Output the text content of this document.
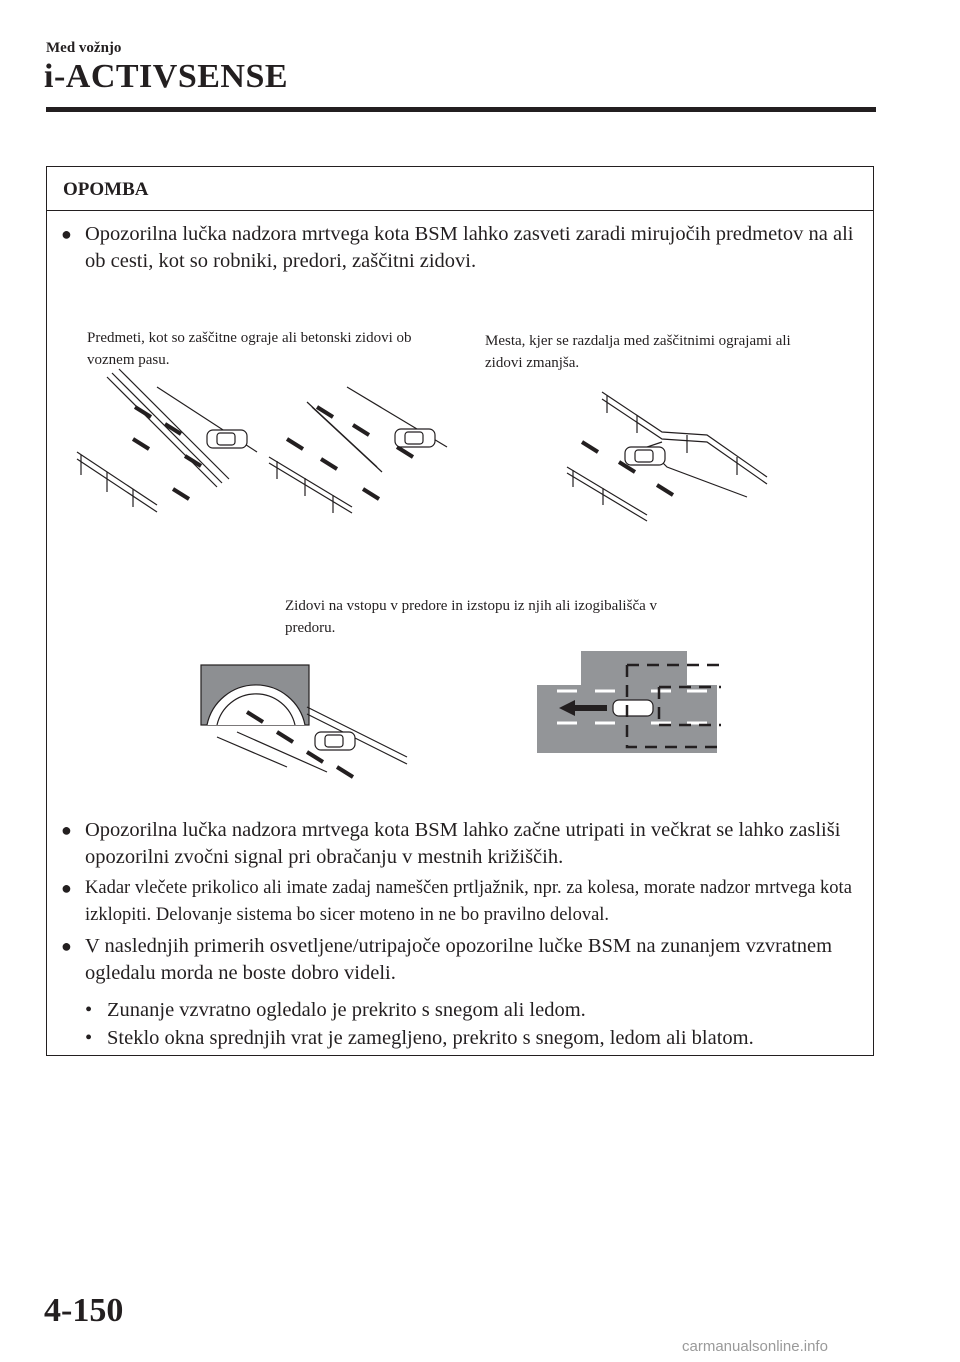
Med vožnjo
i-ACTIVSENSE
OPOMBA
● Opozorilna lučka nadzora mrtvega kota BSM lahko zasveti zaradi mirujočih predmetov na ali ob cesti, kot so robniki, predori, zaščitni zidovi.
Predmeti, kot so zaščitne ograje ali betonski zidovi ob voznem pasu.
Mesta, kjer se razdalja med zaščitnimi ograjami ali zidovi zmanjša.
Zidovi na vstopu v predore in izstopu iz njih ali izogibališča v predoru.
● Opozorilna lučka nadzora mrtvega kota BSM lahko začne utripati in večkrat se lahko zasliši opozorilni zvočni signal pri obračanju v mestnih križiščih.
● Kadar vlečete prikolico ali imate zadaj nameščen prtljažnik, npr. za kolesa, morate nadzor mrtvega kota izklopiti. Delovanje sistema bo sicer moteno in ne bo pravilno deloval.
● V naslednjih primerih osvetljene/utripajoče opozorilne lučke BSM na zunanjem vzvratnem ogledalu morda ne boste dobro videli.
• Zunanje vzvratno ogledalo je prekrito s snegom ali ledom.
• Steklo okna sprednjih vrat je zamegljeno, prekrito s snegom, ledom ali blatom.
4-150
carmanualsonline.info
